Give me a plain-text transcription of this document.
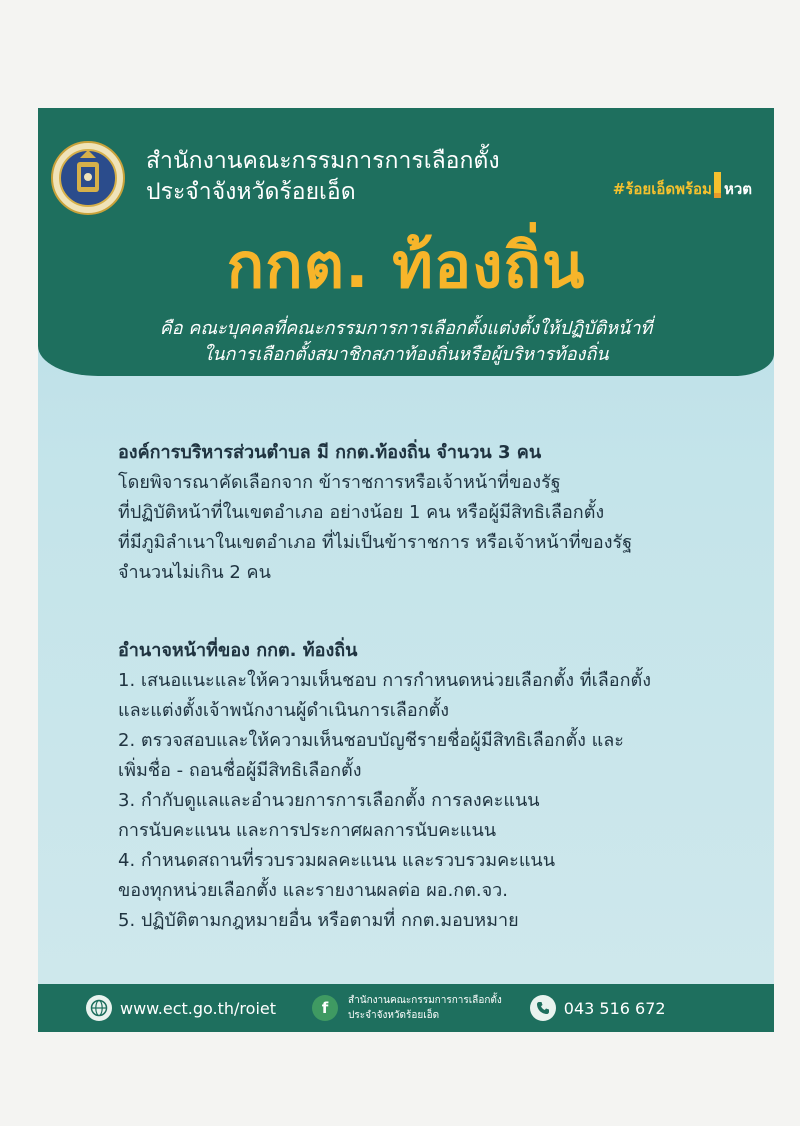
สำนักงานคณะกรรมการการเลือกตั้ง
ประจำจังหวัดร้อยเอ็ด	#ร้อยเอ็ดพร้อม หวต
กกต. ท้องถิ่น
คือ คณะบุคคลที่คณะกรรมการการเลือกตั้งแต่งตั้งให้ปฏิบัติหน้าที่
ในการเลือกตั้งสมาชิกสภาท้องถิ่นหรือผู้บริหารท้องถิ่น
องค์การบริหารส่วนตำบล มี กกต.ท้องถิ่น จำนวน 3 คน
โดยพิจารณาคัดเลือกจาก ข้าราชการหรือเจ้าหน้าที่ของรัฐ
ที่ปฏิบัติหน้าที่ในเขตอำเภอ อย่างน้อย 1 คน หรือผู้มีสิทธิเลือกตั้ง
ที่มีภูมิลำเนาในเขตอำเภอ ที่ไม่เป็นข้าราชการ หรือเจ้าหน้าที่ของรัฐ
จำนวนไม่เกิน 2 คน
อำนาจหน้าที่ของ กกต. ท้องถิ่น
1. เสนอแนะและให้ความเห็นชอบ การกำหนดหน่วยเลือกตั้ง ที่เลือกตั้ง
และแต่งตั้งเจ้าพนักงานผู้ดำเนินการเลือกตั้ง
2. ตรวจสอบและให้ความเห็นชอบบัญชีรายชื่อผู้มีสิทธิเลือกตั้ง และ
เพิ่มชื่อ - ถอนชื่อผู้มีสิทธิเลือกตั้ง
3. กำกับดูแลและอำนวยการการเลือกตั้ง การลงคะแนน
การนับคะแนน และการประกาศผลการนับคะแนน
4. กำหนดสถานที่รวบรวมผลคะแนน และรวบรวมคะแนน
ของทุกหน่วยเลือกตั้ง และรายงานผลต่อ ผอ.กต.จว.
5. ปฏิบัติตามกฎหมายอื่น หรือตามที่ กกต.มอบหมาย
www.ect.go.th/roiet	f	สำนักงานคณะกรรมการการเลือกตั้ง
ประจำจังหวัดร้อยเอ็ด	043 516 672
